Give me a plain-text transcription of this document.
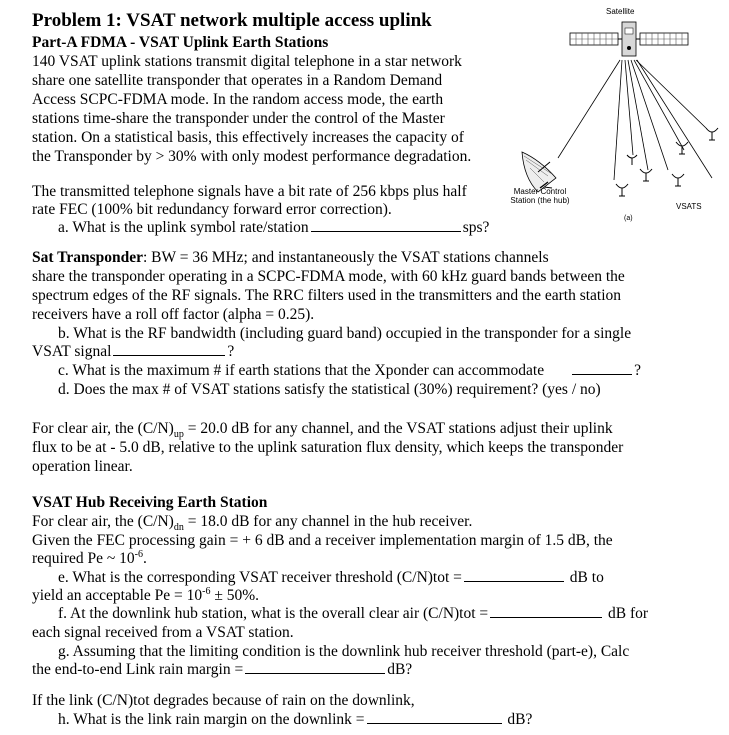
Problem 1: VSAT network multiple access uplink
Part-A FDMA - VSAT Uplink Earth Stations
140 VSAT uplink stations transmit digital telephone in a star network
share one satellite transponder that operates in a Random Demand
Access SCPC-FDMA mode. In the random access mode, the earth
stations time-share the transponder under the control of the Master
station. On a statistical basis, this effectively increases the capacity of
the Transponder by > 30% with only modest performance degradation.
The transmitted telephone signals have a bit rate of 256 kbps plus half
rate FEC (100% bit redundancy forward error correction).
a. What is the uplink symbol rate/station	sps?
Sat Transponder: BW = 36 MHz; and instantaneously the VSAT stations channels
share the transponder operating in a SCPC-FDMA mode, with 60 kHz guard bands between the
spectrum edges of the RF signals. The RRC filters used in the transmitters and the earth station
receivers have a roll off factor (alpha = 0.25).
b. What is the RF bandwidth (including guard band) occupied in the transponder for a single
VSAT signal	?
c. What is the maximum # if earth stations that the Xponder can accommodate	?
d. Does the max # of VSAT stations satisfy the statistical (30%) requirement? (yes / no)
For clear air, the $(C/N)_{up} = 20.0$ dB for any channel, and the VSAT stations adjust their uplink
flux to be at - 5.0 dB, relative to the uplink saturation flux density, which keeps the transponder
operation linear.
VSAT Hub Receiving Earth Station
For clear air, the $(C/N)_{dn} = 18.0$ dB for any channel in the hub receiver.
Given the FEC processing gain = + 6 dB and a receiver implementation margin of 1.5 dB, the
required Pe ~ $10^{-6}$.
e. What is the corresponding VSAT receiver threshold (C/N)tot =	dB to
yield an acceptable $Pe = 10^{-6} \pm 50\%$.
f. At the downlink hub station, what is the overall clear air (C/N)tot =	dB for
each signal received from a VSAT station.
g. Assuming that the limiting condition is the downlink hub receiver threshold (part-e), Calc
the end-to-end Link rain margin =	dB?
If the link (C/N)tot degrades because of rain on the downlink,
h. What is the link rain margin on the downlink =	dB?
Satellite
Master Control
Station (the hub)
VSATS
(a)
